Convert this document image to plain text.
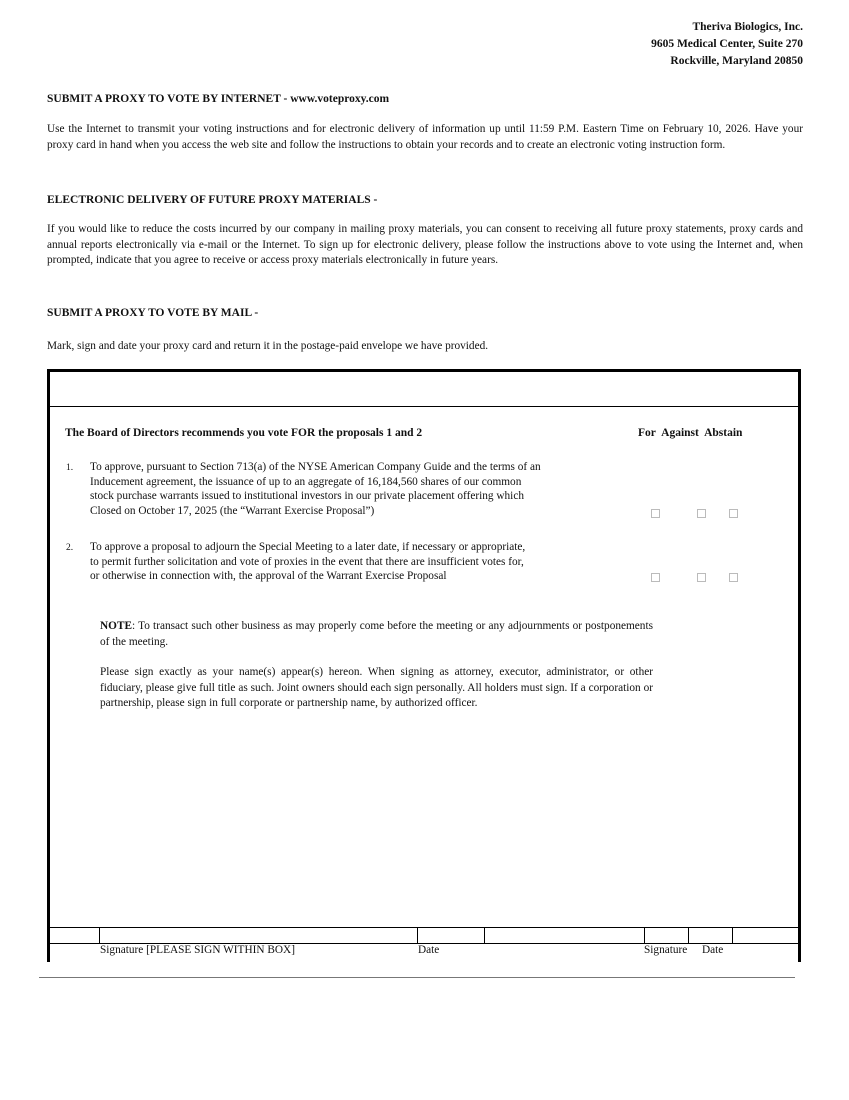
Theriva Biologics, Inc.
9605 Medical Center, Suite 270
Rockville, Maryland 20850
SUBMIT A PROXY TO VOTE BY INTERNET - www.voteproxy.com
Use the Internet to transmit your voting instructions and for electronic delivery of information up until 11:59 P.M. Eastern Time on February 10, 2026. Have your proxy card in hand when you access the web site and follow the instructions to obtain your records and to create an electronic voting instruction form.
ELECTRONIC DELIVERY OF FUTURE PROXY MATERIALS -
If you would like to reduce the costs incurred by our company in mailing proxy materials, you can consent to receiving all future proxy statements, proxy cards and annual reports electronically via e-mail or the Internet. To sign up for electronic delivery, please follow the instructions above to vote using the Internet and, when prompted, indicate that you agree to receive or access proxy materials electronically in future years.
SUBMIT A PROXY TO VOTE BY MAIL -
Mark, sign and date your proxy card and return it in the postage-paid envelope we have provided.
The Board of Directors recommends you vote FOR the proposals 1 and 2	For Against Abstain
1. To approve, pursuant to Section 713(a) of the NYSE American Company Guide and the terms of an
Inducement agreement, the issuance of up to an aggregate of 16,184,560 shares of our common
stock purchase warrants issued to institutional investors in our private placement offering which
Closed on October 17, 2025 (the “Warrant Exercise Proposal”)
2. To approve a proposal to adjourn the Special Meeting to a later date, if necessary or appropriate,
to permit further solicitation and vote of proxies in the event that there are insufficient votes for,
or otherwise in connection with, the approval of the Warrant Exercise Proposal
NOTE: To transact such other business as may properly come before the meeting or any adjournments or postponements of the meeting.
Please sign exactly as your name(s) appear(s) hereon. When signing as attorney, executor, administrator, or other fiduciary, please give full title as such. Joint owners should each sign personally. All holders must sign. If a corporation or partnership, please sign in full corporate or partnership name, by authorized officer.
Signature [PLEASE SIGN WITHIN BOX]	Date	Signature Date
